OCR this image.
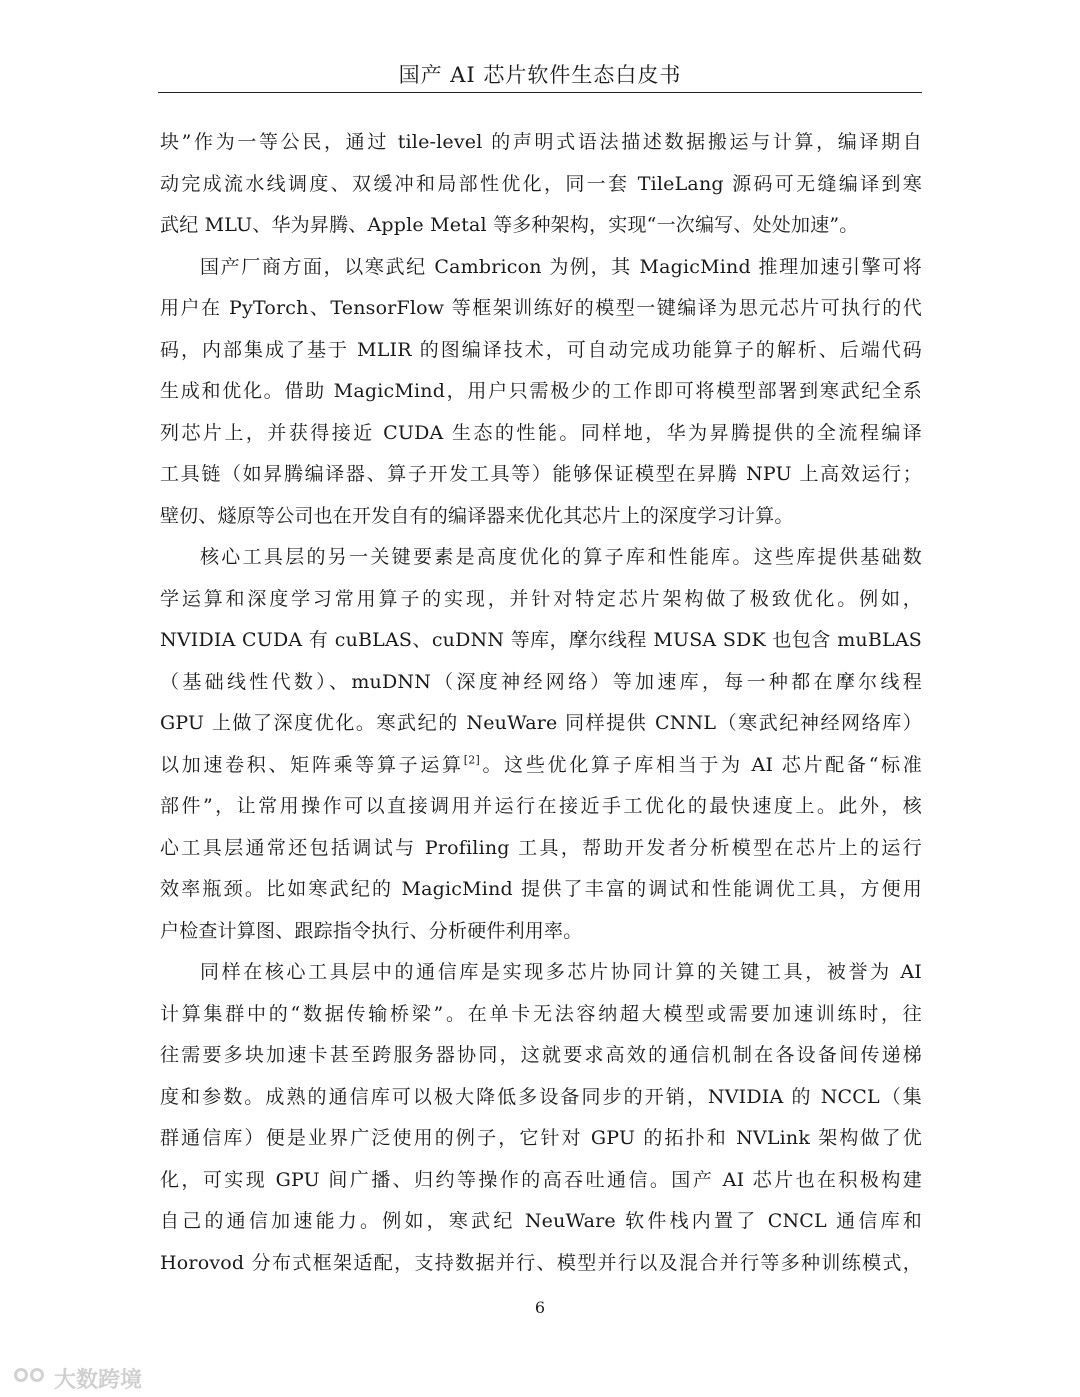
国产 AI 芯片软件生态白皮书
块”作为一等公民，通过 tile-level 的声明式语法描述数据搬运与计算，编译期自
动完成流水线调度、双缓冲和局部性优化，同一套 TileLang 源码可无缝编译到寒
武纪 MLU、华为昇腾、Apple Metal 等多种架构，实现“一次编写、处处加速”。
国产厂商方面，以寒武纪 Cambricon 为例，其 MagicMind 推理加速引擎可将
用户在 PyTorch、TensorFlow 等框架训练好的模型一键编译为思元芯片可执行的代
码，内部集成了基于 MLIR 的图编译技术，可自动完成功能算子的解析、后端代码
生成和优化。借助 MagicMind，用户只需极少的工作即可将模型部署到寒武纪全系
列芯片上，并获得接近 CUDA 生态的性能。同样地，华为昇腾提供的全流程编译
工具链（如昇腾编译器、算子开发工具等）能够保证模型在昇腾 NPU 上高效运行；
壁仞、燧原等公司也在开发自有的编译器来优化其芯片上的深度学习计算。
核心工具层的另一关键要素是高度优化的算子库和性能库。这些库提供基础数
学运算和深度学习常用算子的实现，并针对特定芯片架构做了极致优化。例如，
NVIDIA CUDA 有 cuBLAS、cuDNN 等库，摩尔线程 MUSA SDK 也包含 muBLAS
（基础线性代数）、muDNN（深度神经网络）等加速库，每一种都在摩尔线程
GPU 上做了深度优化。寒武纪的 NeuWare 同样提供 CNNL（寒武纪神经网络库）
以加速卷积、矩阵乘等算子运算[2]。这些优化算子库相当于为 AI 芯片配备“标准
部件”，让常用操作可以直接调用并运行在接近手工优化的最快速度上。此外，核
心工具层通常还包括调试与 Profiling 工具，帮助开发者分析模型在芯片上的运行
效率瓶颈。比如寒武纪的 MagicMind 提供了丰富的调试和性能调优工具，方便用
户检查计算图、跟踪指令执行、分析硬件利用率。
同样在核心工具层中的通信库是实现多芯片协同计算的关键工具，被誉为 AI
计算集群中的“数据传输桥梁”。在单卡无法容纳超大模型或需要加速训练时，往
往需要多块加速卡甚至跨服务器协同，这就要求高效的通信机制在各设备间传递梯
度和参数。成熟的通信库可以极大降低多设备同步的开销，NVIDIA 的 NCCL（集
群通信库）便是业界广泛使用的例子，它针对 GPU 的拓扑和 NVLink 架构做了优
化，可实现 GPU 间广播、归约等操作的高吞吐通信。国产 AI 芯片也在积极构建
自己的通信加速能力。例如，寒武纪 NeuWare 软件栈内置了 CNCL 通信库和
Horovod 分布式框架适配，支持数据并行、模型并行以及混合并行等多种训练模式，
6
大数跨境
